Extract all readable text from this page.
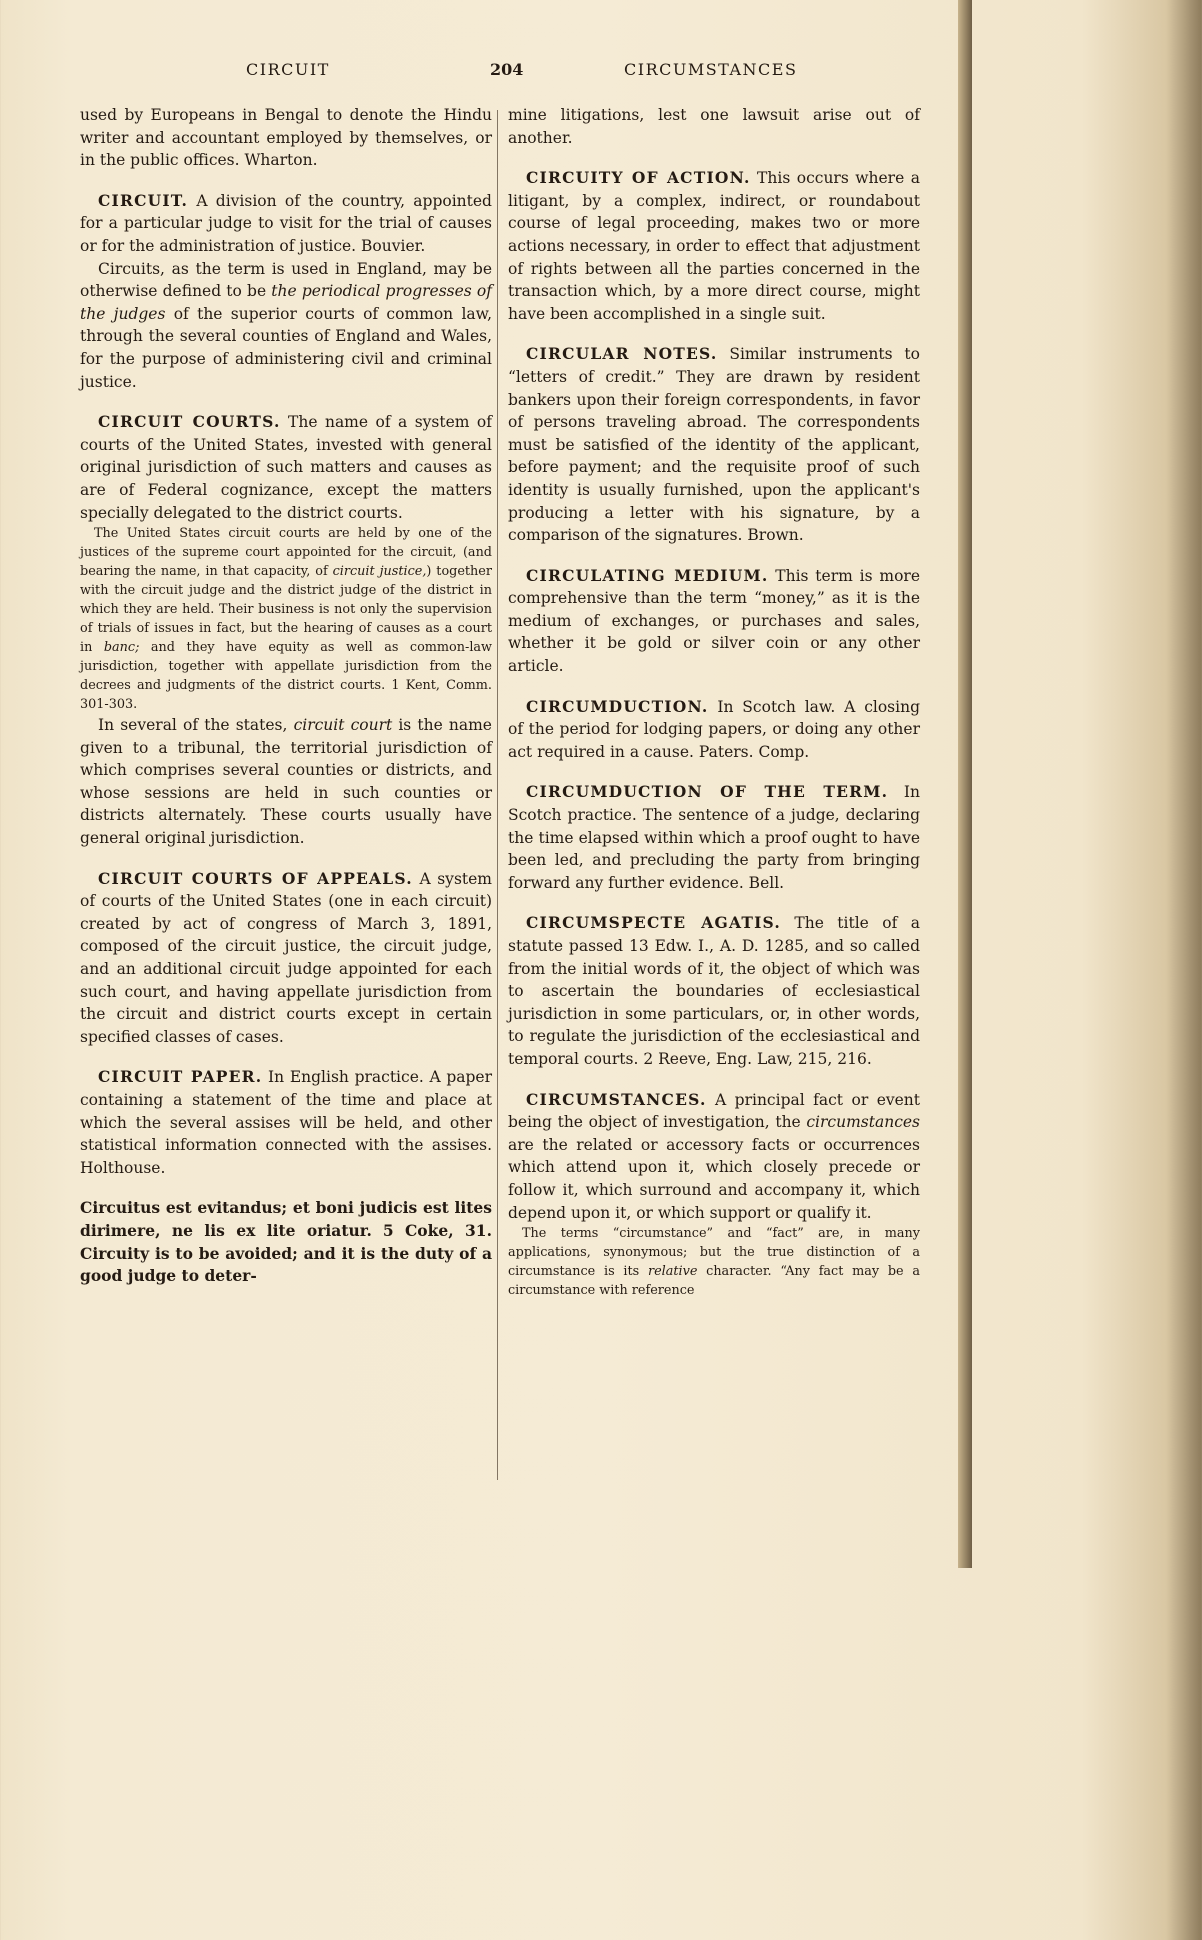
CIRCUIT	204	CIRCUMSTANCES

used by Europeans in Bengal to denote the Hindu writer and accountant employed by themselves, or in the public offices. Wharton.

CIRCUIT. A division of the country, appointed for a particular judge to visit for the trial of causes or for the administration of justice. Bouvier.

Circuits, as the term is used in England, may be otherwise defined to be the periodical progresses of the judges of the superior courts of common law, through the several counties of England and Wales, for the purpose of administering civil and criminal justice.

CIRCUIT COURTS. The name of a system of courts of the United States, invested with general original jurisdiction of such matters and causes as are of Federal cognizance, except the matters specially delegated to the district courts.

The United States circuit courts are held by one of the justices of the supreme court appointed for the circuit, (and bearing the name, in that capacity, of circuit justice,) together with the circuit judge and the district judge of the district in which they are held. Their business is not only the supervision of trials of issues in fact, but the hearing of causes as a court in banc; and they have equity as well as common-law jurisdiction, together with appellate jurisdiction from the decrees and judgments of the district courts. 1 Kent, Comm. 301-303.

In several of the states, circuit court is the name given to a tribunal, the territorial jurisdiction of which comprises several counties or districts, and whose sessions are held in such counties or districts alternately. These courts usually have general original jurisdiction.

CIRCUIT COURTS OF APPEALS. A system of courts of the United States (one in each circuit) created by act of congress of March 3, 1891, composed of the circuit justice, the circuit judge, and an additional circuit judge appointed for each such court, and having appellate jurisdiction from the circuit and district courts except in certain specified classes of cases.

CIRCUIT PAPER. In English practice. A paper containing a statement of the time and place at which the several assises will be held, and other statistical information connected with the assises. Holthouse.

Circuitus est evitandus; et boni judicis est lites dirimere, ne lis ex lite oriatur. 5 Coke, 31. Circuity is to be avoided; and it is the duty of a good judge to deter-

mine litigations, lest one lawsuit arise out of another.

CIRCUITY OF ACTION. This occurs where a litigant, by a complex, indirect, or roundabout course of legal proceeding, makes two or more actions necessary, in order to effect that adjustment of rights between all the parties concerned in the transaction which, by a more direct course, might have been accomplished in a single suit.

CIRCULAR NOTES. Similar instruments to “letters of credit.” They are drawn by resident bankers upon their foreign correspondents, in favor of persons traveling abroad. The correspondents must be satisfied of the identity of the applicant, before payment; and the requisite proof of such identity is usually furnished, upon the applicant's producing a letter with his signature, by a comparison of the signatures. Brown.

CIRCULATING MEDIUM. This term is more comprehensive than the term “money,” as it is the medium of exchanges, or purchases and sales, whether it be gold or silver coin or any other article.

CIRCUMDUCTION. In Scotch law. A closing of the period for lodging papers, or doing any other act required in a cause. Paters. Comp.

CIRCUMDUCTION OF THE TERM. In Scotch practice. The sentence of a judge, declaring the time elapsed within which a proof ought to have been led, and precluding the party from bringing forward any further evidence. Bell.

CIRCUMSPECTE AGATIS. The title of a statute passed 13 Edw. I., A. D. 1285, and so called from the initial words of it, the object of which was to ascertain the boundaries of ecclesiastical jurisdiction in some particulars, or, in other words, to regulate the jurisdiction of the ecclesiastical and temporal courts. 2 Reeve, Eng. Law, 215, 216.

CIRCUMSTANCES. A principal fact or event being the object of investigation, the circumstances are the related or accessory facts or occurrences which attend upon it, which closely precede or follow it, which surround and accompany it, which depend upon it, or which support or qualify it.

The terms “circumstance” and “fact” are, in many applications, synonymous; but the true distinction of a circumstance is its relative character. “Any fact may be a circumstance with reference
